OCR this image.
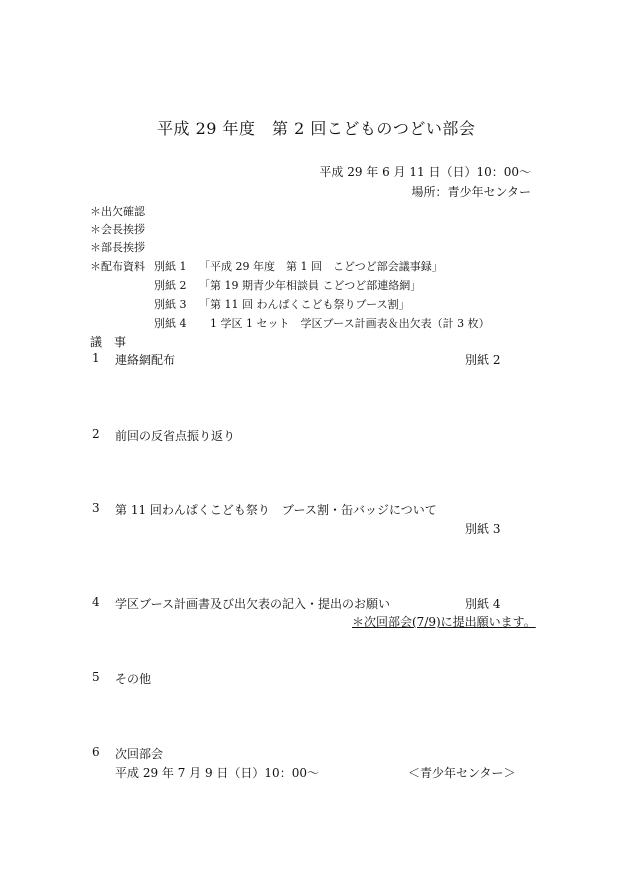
平成 29 年度　第 2 回こどものつどい部会
平成 29 年 6 月 11 日（日）10：00〜
場所：青少年センター
＊出欠確認
＊会長挨拶
＊部長挨拶
＊配布資料 別紙 1 「平成 29 年度　第 1 回　こどつど部会議事録」
別紙 2 「第 19 期青少年相談員 こどつど部連絡網」
別紙 3 「第 11 回 わんぱくこども祭りブース割」
別紙 4 　1 学区 1 セット　学区ブース計画表＆出欠表（計 3 枚）
議　事
1 連絡網配布	別紙 2
2 前回の反省点振り返り
3 第 11 回わんぱくこども祭り　ブース割・缶バッジについて
別紙 3
4 学区ブース計画書及び出欠表の記入・提出のお願い	別紙 4
＊次回部会(7/9)に提出願います。
5 その他
6 次回部会
平成 29 年 7 月 9 日（日）10：00〜	＜青少年センター＞
